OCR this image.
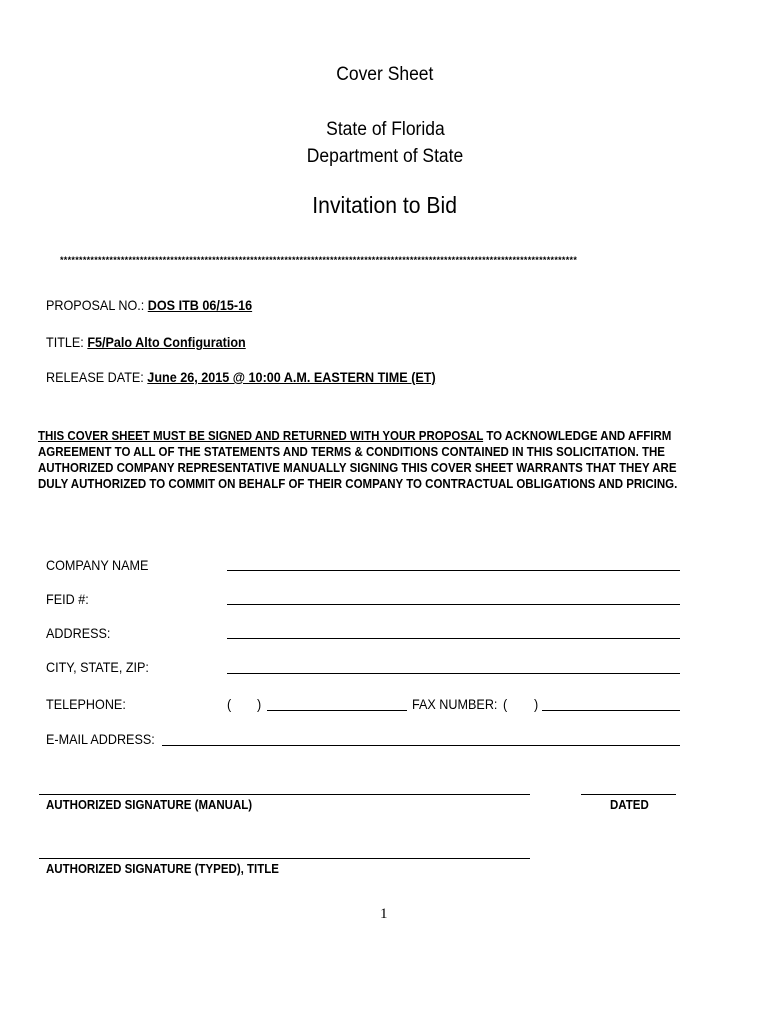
Cover Sheet
State of Florida
Department of State
Invitation to Bid
****************************************************************************************************************************************
PROPOSAL NO.: DOS ITB 06/15-16
TITLE: F5/Palo Alto Configuration
RELEASE DATE: June 26, 2015 @ 10:00 A.M. EASTERN TIME (ET)
THIS COVER SHEET MUST BE SIGNED AND RETURNED WITH YOUR PROPOSAL TO ACKNOWLEDGE AND AFFIRM AGREEMENT TO ALL OF THE STATEMENTS AND TERMS & CONDITIONS CONTAINED IN THIS SOLICITATION. THE AUTHORIZED COMPANY REPRESENTATIVE MANUALLY SIGNING THIS COVER SHEET WARRANTS THAT THEY ARE DULY AUTHORIZED TO COMMIT ON BEHALF OF THEIR COMPANY TO CONTRACTUAL OBLIGATIONS AND PRICING.
COMPANY NAME
FEID #:
ADDRESS:
CITY, STATE, ZIP:
TELEPHONE:	( )	FAX NUMBER: ( )
E-MAIL ADDRESS:
AUTHORIZED SIGNATURE (MANUAL)	DATED
AUTHORIZED SIGNATURE (TYPED), TITLE
1
